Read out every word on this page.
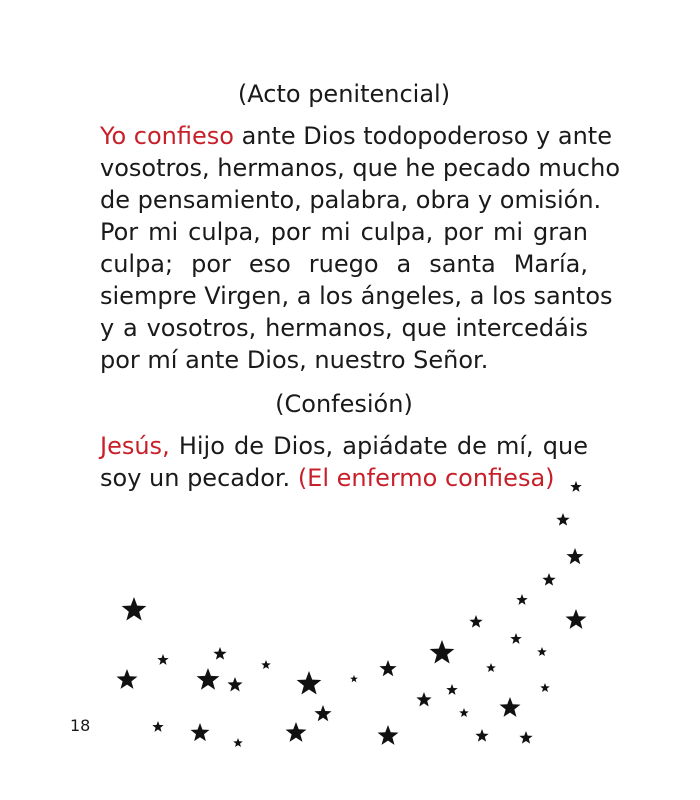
(Acto penitencial)
Yo confieso ante Dios todopoderoso y ante
vosotros, hermanos, que he pecado mucho
de pensamiento, palabra, obra y omisión.
Por mi culpa, por mi culpa, por mi gran
culpa; por eso ruego a santa María,
siempre Virgen, a los ángeles, a los santos
y a vosotros, hermanos, que intercedáis
por mí ante Dios, nuestro Señor.
(Confesión)
Jesús, Hijo de Dios, apiádate de mí, que
soy un pecador. (El enfermo confiesa)
18
